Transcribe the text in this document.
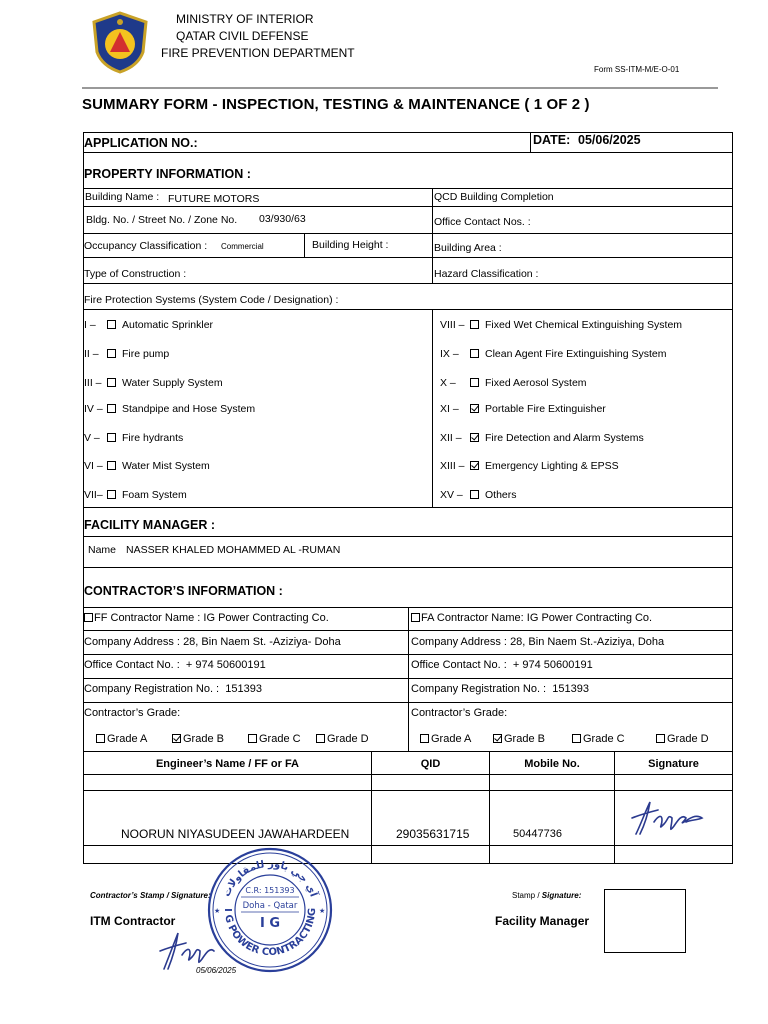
MINISTRY OF INTERIOR
QATAR CIVIL DEFENSE
FIRE PREVENTION DEPARTMENT
Form SS-ITM-M/E-O-01
SUMMARY FORM - INSPECTION, TESTING & MAINTENANCE ( 1 OF 2 )
APPLICATION NO.:	DATE: 05/06/2025
PROPERTY INFORMATION :
Building Name : FUTURE MOTORS	QCD Building Completion
Bldg. No. / Street No. / Zone No. 03/930/63	Office Contact Nos. :
Occupancy Classification : Commercial	Building Height :	Building Area :
Type of Construction :	Hazard Classification :
Fire Protection Systems (System Code / Designation) :
I –	Automatic Sprinkler
II – Fire pump
III – Water Supply System
IV – Standpipe and Hose System
V – Fire hydrants
VI – Water Mist System
VII– Foam System
VIII – Fixed Wet Chemical Extinguishing System
IX –	Clean Agent Fire Extinguishing System
X –	Fixed Aerosol System
XI –	Portable Fire Extinguisher
XII – Fire Detection and Alarm Systems
XIII – Emergency Lighting & EPSS
XV – Others
FACILITY MANAGER :
Name NASSER KHALED MOHAMMED AL -RUMAN
CONTRACTOR’S INFORMATION :
FF Contractor Name : IG Power Contracting Co.	FA Contractor Name: IG Power Contracting Co.
Company Address : 28, Bin Naem St. -Aziziya- Doha	Company Address : 28, Bin Naem St.-Aziziya, Doha
Office Contact No. : + 974 50600191	Office Contact No. : + 974 50600191
Company Registration No. : 151393	Company Registration No. : 151393
Contractor’s Grade:	Contractor’s Grade:
Grade A	Grade B	Grade C	Grade D	Grade A	Grade B	Grade C	Grade D
Engineer’s Name / FF or FA	QID	Mobile No.	Signature
NOORUN NIYASUDEEN JAWAHARDEEN	29035631715	50447736
Contractor’s Stamp / Signature:
ITM Contractor
Stamp / Signature:
Facility Manager
05/06/2025
I G POWER CONTRACTING
آي جي باور للمقاولات
C.R: 151393
Doha - Qatar
I G
★	★
